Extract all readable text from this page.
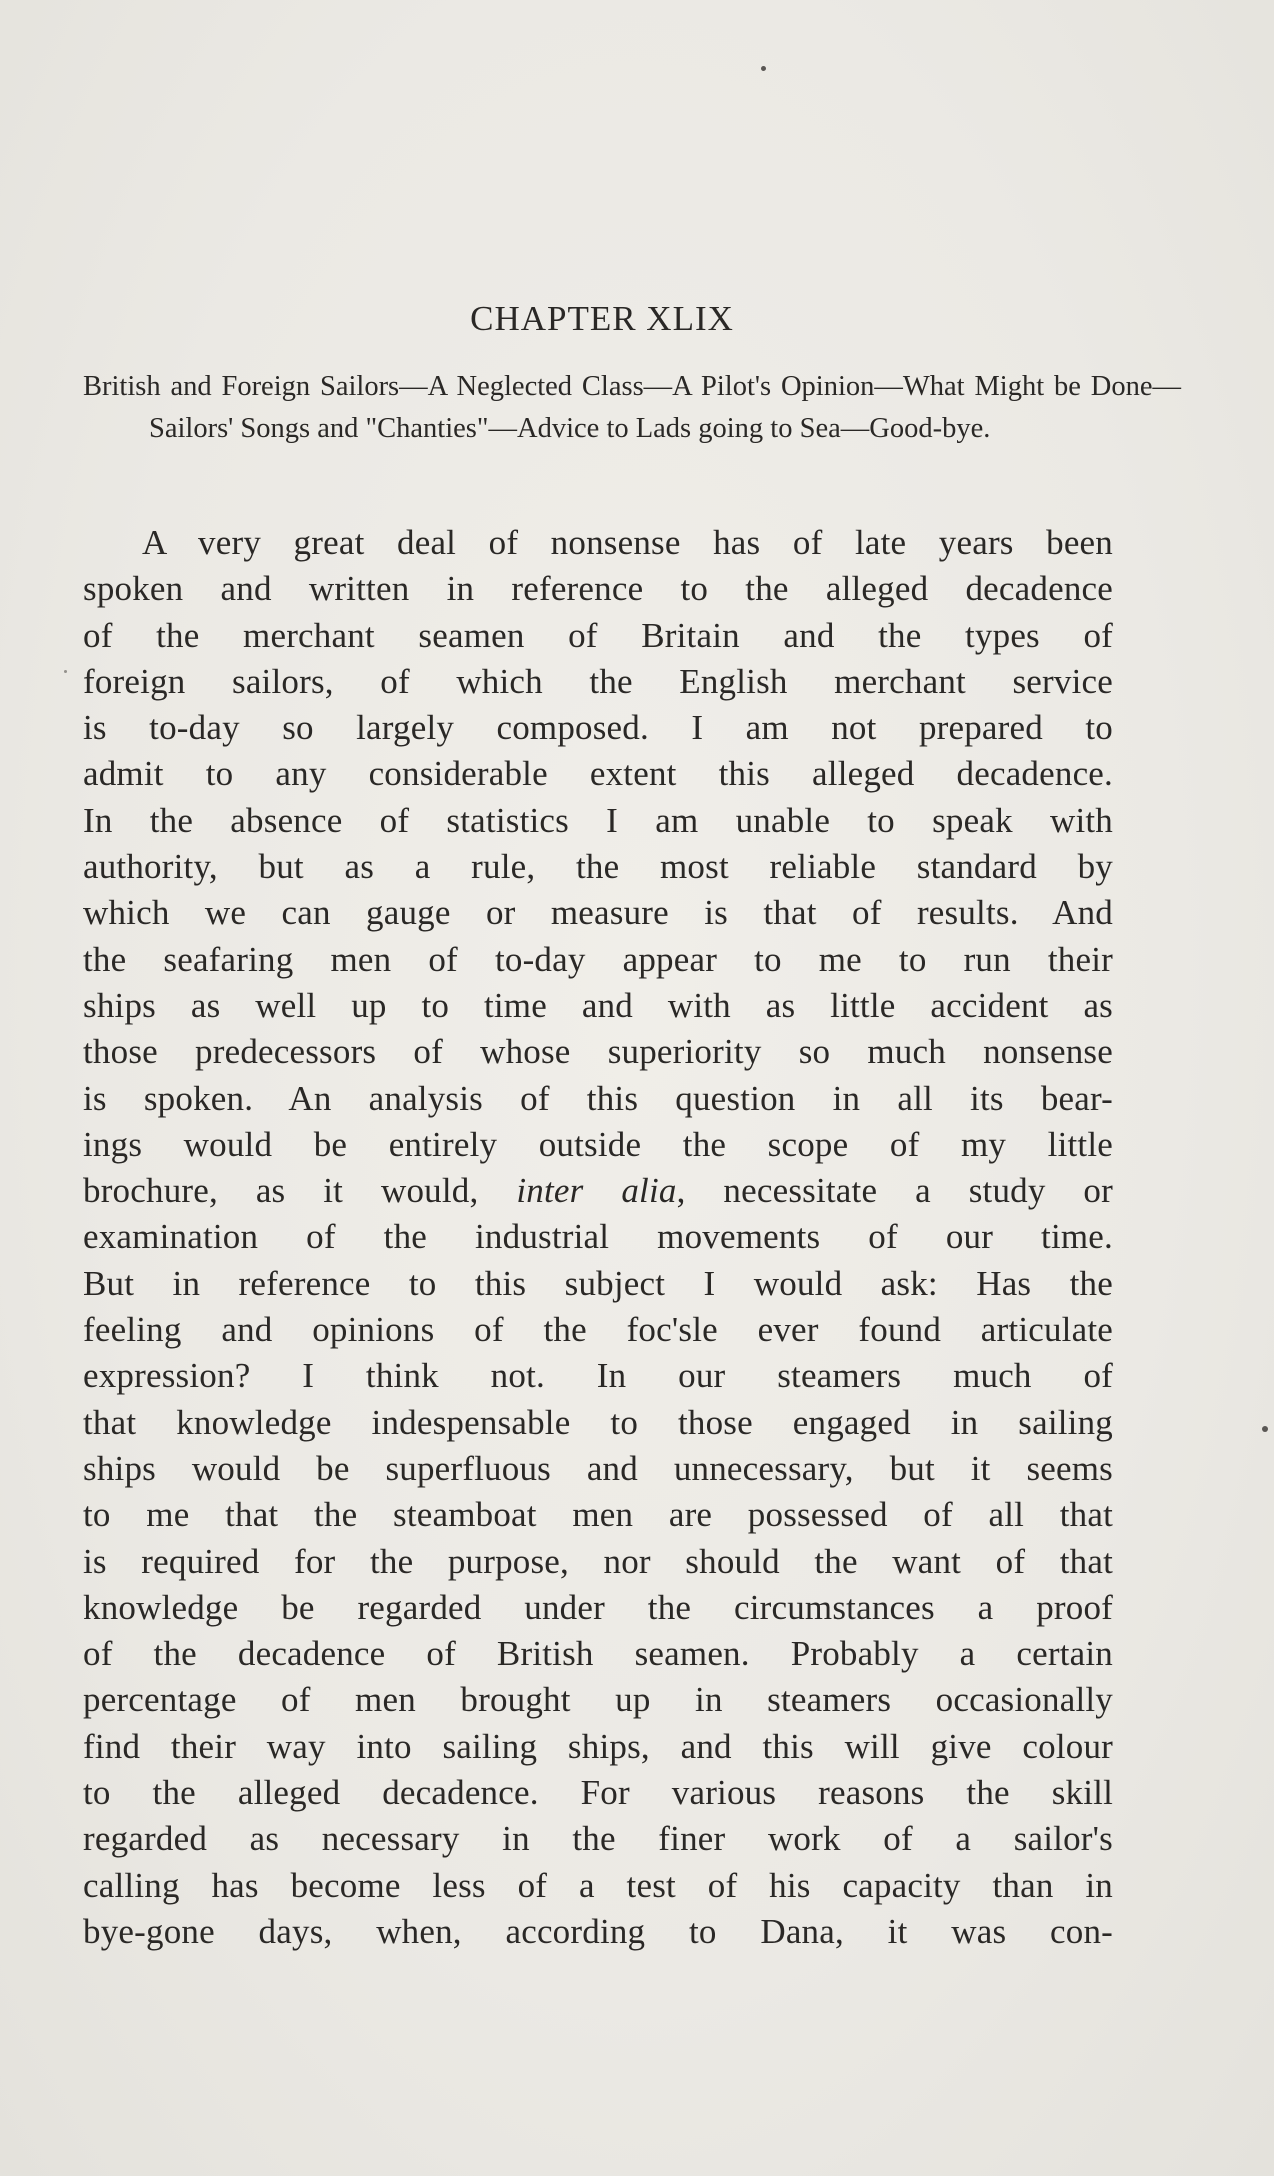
CHAPTER XLIX
British and Foreign Sailors—A Neglected Class—A Pilot's Opinion—What Might be Done—Sailors' Songs and "Chanties"—Advice to Lads going to Sea—Good-bye.
A very great deal of nonsense has of late years been
spoken and written in reference to the alleged decadence
of the merchant seamen of Britain and the types of
foreign sailors, of which the English merchant service
is to-day so largely composed. I am not prepared to
admit to any considerable extent this alleged decadence.
In the absence of statistics I am unable to speak with
authority, but as a rule, the most reliable standard by
which we can gauge or measure is that of results. And
the seafaring men of to-day appear to me to run their
ships as well up to time and with as little accident as
those predecessors of whose superiority so much nonsense
is spoken. An analysis of this question in all its bear-
ings would be entirely outside the scope of my little
brochure, as it would, inter alia, necessitate a study or
examination of the industrial movements of our time.
But in reference to this subject I would ask: Has the
feeling and opinions of the foc'sle ever found articulate
expression? I think not. In our steamers much of
that knowledge indespensable to those engaged in sailing
ships would be superfluous and unnecessary, but it seems
to me that the steamboat men are possessed of all that
is required for the purpose, nor should the want of that
knowledge be regarded under the circumstances a proof
of the decadence of British seamen. Probably a certain
percentage of men brought up in steamers occasionally
find their way into sailing ships, and this will give colour
to the alleged decadence. For various reasons the skill
regarded as necessary in the finer work of a sailor's
calling has become less of a test of his capacity than in
bye-gone days, when, according to Dana, it was con-
